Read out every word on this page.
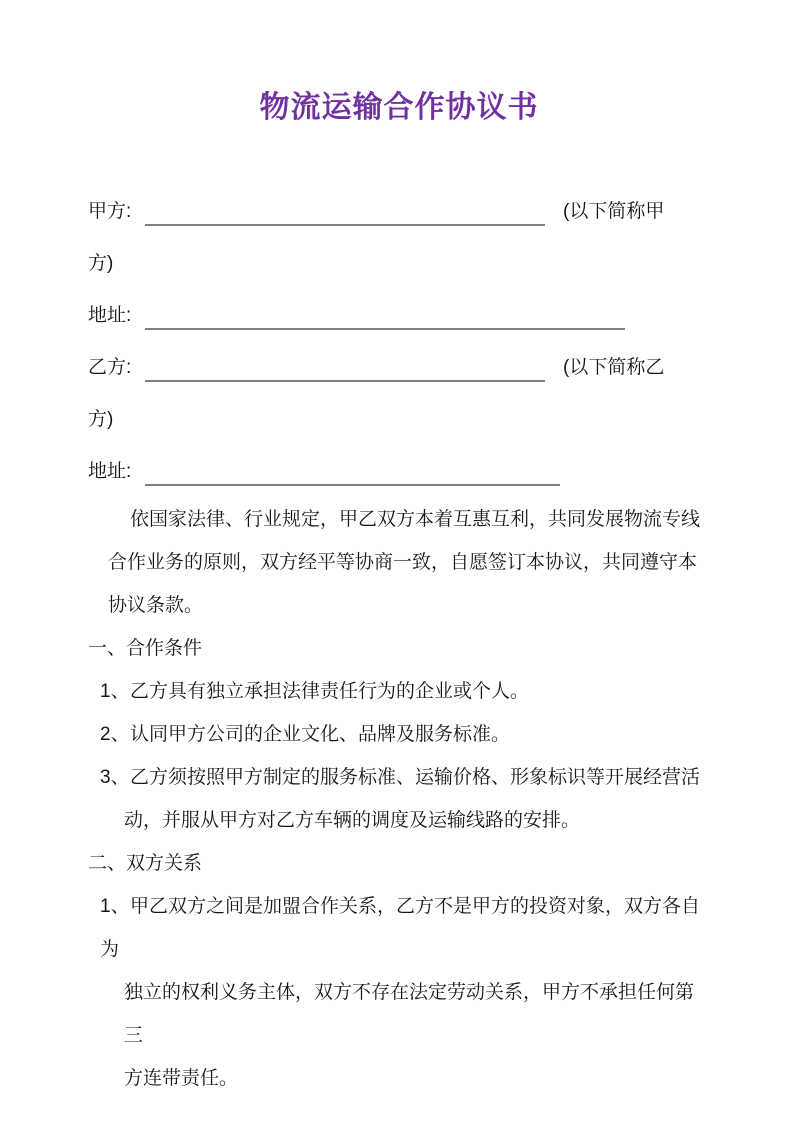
物流运输合作协议书
甲方:	(以下简称甲
方)
地址:
乙方:	(以下简称乙
方)
地址:
依国家法律、行业规定，甲乙双方本着互惠互利，共同发展物流专线
合作业务的原则，双方经平等协商一致，自愿签订本协议，共同遵守本
协议条款。
一、合作条件
1、乙方具有独立承担法律责任行为的企业或个人。
2、认同甲方公司的企业文化、品牌及服务标准。
3、乙方须按照甲方制定的服务标准、运输价格、形象标识等开展经营活
动，并服从甲方对乙方车辆的调度及运输线路的安排。
二、双方关系
1、甲乙双方之间是加盟合作关系，乙方不是甲方的投资对象，双方各自为
独立的权利义务主体，双方不存在法定劳动关系，甲方不承担任何第三
方连带责任。
